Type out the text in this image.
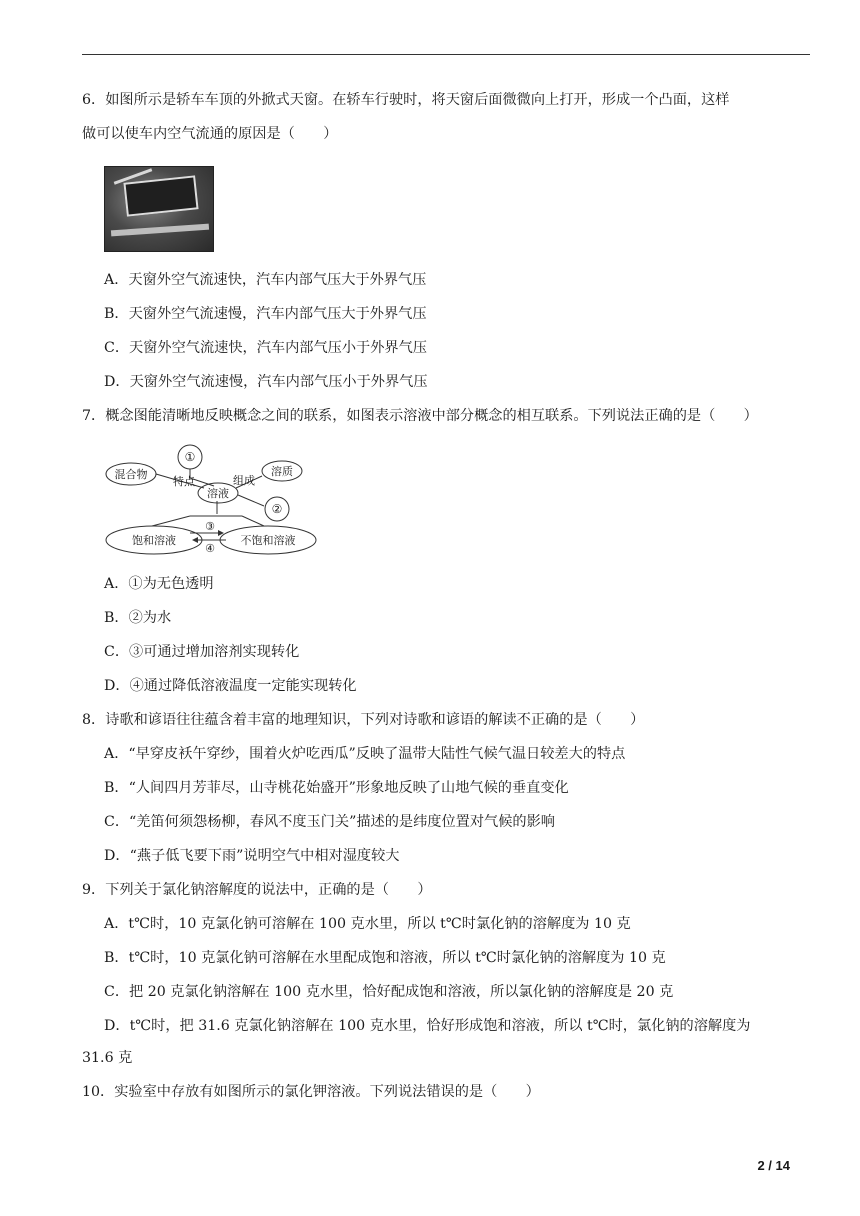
6．如图所示是轿车车顶的外掀式天窗。在轿车行驶时，将天窗后面微微向上打开，形成一个凸面，这样
做可以使车内空气流通的原因是（　　）
A．天窗外空气流速快，汽车内部气压大于外界气压
B．天窗外空气流速慢，汽车内部气压大于外界气压
C．天窗外空气流速快，汽车内部气压小于外界气压
D．天窗外空气流速慢，汽车内部气压小于外界气压
7．概念图能清晰地反映概念之间的联系，如图表示溶液中部分概念的相互联系。下列说法正确的是（　　）
①
混合物
特点
溶液
组成
溶质
②
③
④
饱和溶液	不饱和溶液
A．①为无色透明
B．②为水
C．③可通过增加溶剂实现转化
D．④通过降低溶液温度一定能实现转化
8．诗歌和谚语往往蕴含着丰富的地理知识，下列对诗歌和谚语的解读不正确的是（　　）
A．“早穿皮袄午穿纱，围着火炉吃西瓜”反映了温带大陆性气候气温日较差大的特点
B．“人间四月芳菲尽，山寺桃花始盛开”形象地反映了山地气候的垂直变化
C．“羌笛何须怨杨柳，春风不度玉门关”描述的是纬度位置对气候的影响
D．“燕子低飞要下雨”说明空气中相对湿度较大
9．下列关于氯化钠溶解度的说法中，正确的是（　　）
A．t℃时，10 克氯化钠可溶解在 100 克水里，所以 t℃时氯化钠的溶解度为 10 克
B．t℃时，10 克氯化钠可溶解在水里配成饱和溶液，所以 t℃时氯化钠的溶解度为 10 克
C．把 20 克氯化钠溶解在 100 克水里，恰好配成饱和溶液，所以氯化钠的溶解度是 20 克
D．t℃时，把 31.6 克氯化钠溶解在 100 克水里，恰好形成饱和溶液，所以 t℃时，氯化钠的溶解度为
31.6 克
10．实验室中存放有如图所示的氯化钾溶液。下列说法错误的是（　　）
2 / 14
